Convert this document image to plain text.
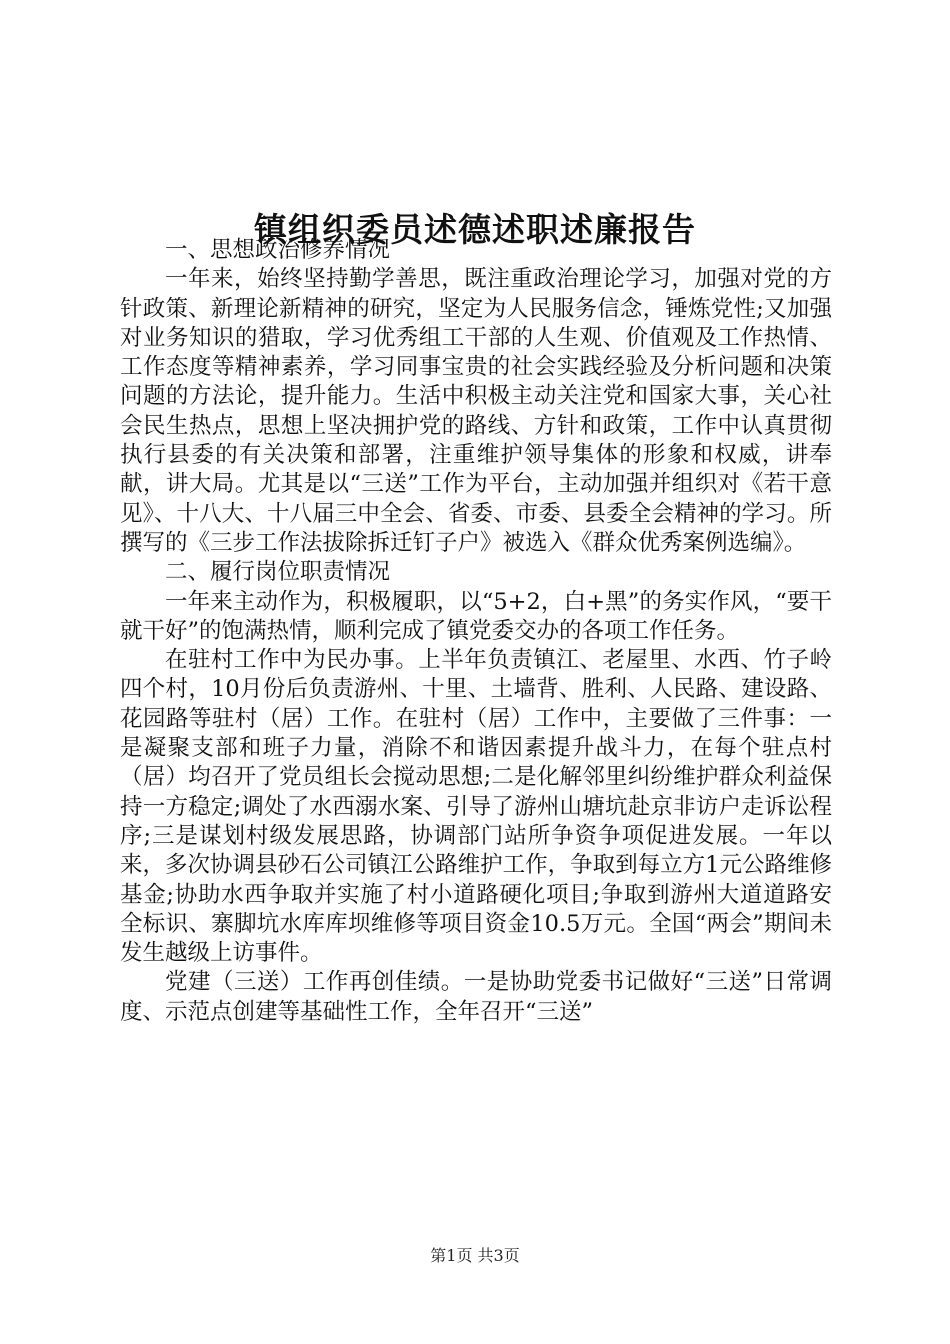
镇组织委员述德述职述廉报告

一、思想政治修养情况

一年来，始终坚持勤学善思，既注重政治理论学习，加强对党的方针政策、新理论新精神的研究，坚定为人民服务信念，锤炼党性;又加强对业务知识的猎取，学习优秀组工干部的人生观、价值观及工作热情、工作态度等精神素养，学习同事宝贵的社会实践经验及分析问题和决策问题的方法论，提升能力。生活中积极主动关注党和国家大事，关心社会民生热点，思想上坚决拥护党的路线、方针和政策，工作中认真贯彻执行县委的有关决策和部署，注重维护领导集体的形象和权威，讲奉献，讲大局。尤其是以“三送”工作为平台，主动加强并组织对《若干意见》、十八大、十八届三中全会、省委、市委、县委全会精神的学习。所撰写的《三步工作法拔除拆迁钉子户》被选入《群众优秀案例选编》。

二、履行岗位职责情况

一年来主动作为，积极履职，以“5+2，白+黑”的务实作风，“要干就干好”的饱满热情，顺利完成了镇党委交办的各项工作任务。

在驻村工作中为民办事。上半年负责镇江、老屋里、水西、竹子岭四个村，10月份后负责游州、十里、土墙背、胜利、人民路、建设路、花园路等驻村（居）工作。在驻村（居）工作中，主要做了三件事：一是凝聚支部和班子力量，消除不和谐因素提升战斗力，在每个驻点村（居）均召开了党员组长会搅动思想;二是化解邻里纠纷维护群众利益保持一方稳定;调处了水西溺水案、引导了游州山塘坑赴京非访户走诉讼程序;三是谋划村级发展思路，协调部门站所争资争项促进发展。一年以来，多次协调县砂石公司镇江公路维护工作，争取到每立方1元公路维修基金;协助水西争取并实施了村小道路硬化项目;争取到游州大道道路安全标识、寨脚坑水库库坝维修等项目资金10.5万元。全国“两会”期间未发生越级上访事件。

党建（三送）工作再创佳绩。一是协助党委书记做好“三送”日常调度、示范点创建等基础性工作，全年召开“三送”

第1页 共3页
